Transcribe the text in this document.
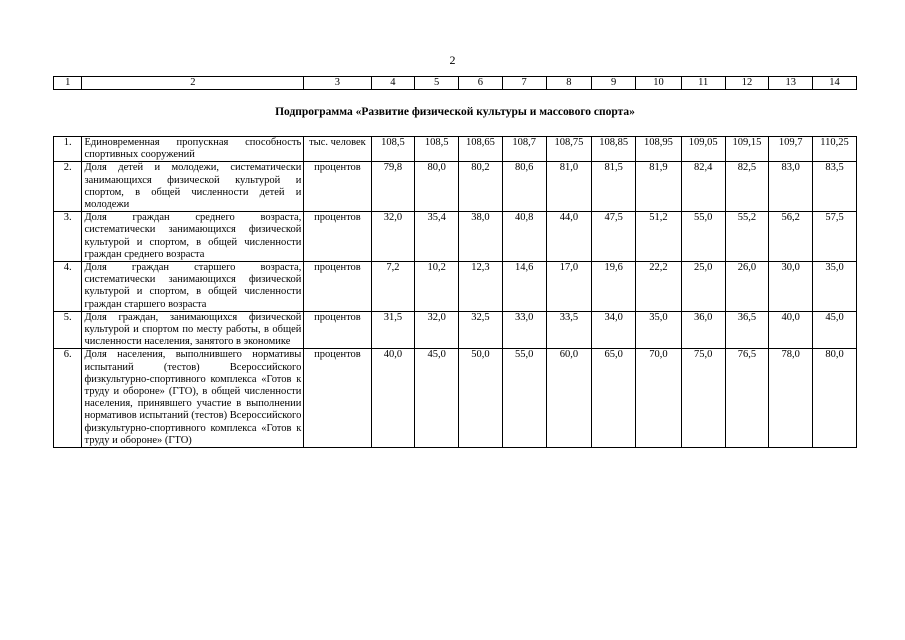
2
1	2	3	4	5	6	7	8	9	10	11	12	13	14
Подпрограмма «Развитие физической культуры и массового спорта»
1.	Единовременная пропускная способность спортивных сооружений	тыс. человек	108,5	108,5	108,65	108,7	108,75	108,85	108,95	109,05	109,15	109,7	110,25
2.	Доля детей и молодежи, систематически занимающихся физической культурой и спортом, в общей численности детей и молодежи	процентов	79,8	80,0	80,2	80,6	81,0	81,5	81,9	82,4	82,5	83,0	83,5
3.	Доля граждан среднего возраста, систематически занимающихся физической культурой и спортом, в общей численности граждан среднего возраста	процентов	32,0	35,4	38,0	40,8	44,0	47,5	51,2	55,0	55,2	56,2	57,5
4.	Доля граждан старшего возраста, систематически занимающихся физической культурой и спортом, в общей численности граждан старшего возраста	процентов	7,2	10,2	12,3	14,6	17,0	19,6	22,2	25,0	26,0	30,0	35,0
5.	Доля граждан, занимающихся физической культурой и спортом по месту работы, в общей численности населения, занятого в экономике	процентов	31,5	32,0	32,5	33,0	33,5	34,0	35,0	36,0	36,5	40,0	45,0
6.	Доля населения, выполнившего нормативы испытаний (тестов) Всероссийского физкультурно-спортивного комплекса «Готов к труду и обороне» (ГТО), в общей численности населения, принявшего участие в выполнении нормативов испытаний (тестов) Всероссийского физкультурно-спортивного комплекса «Готов к труду и обороне» (ГТО)	процентов	40,0	45,0	50,0	55,0	60,0	65,0	70,0	75,0	76,5	78,0	80,0
